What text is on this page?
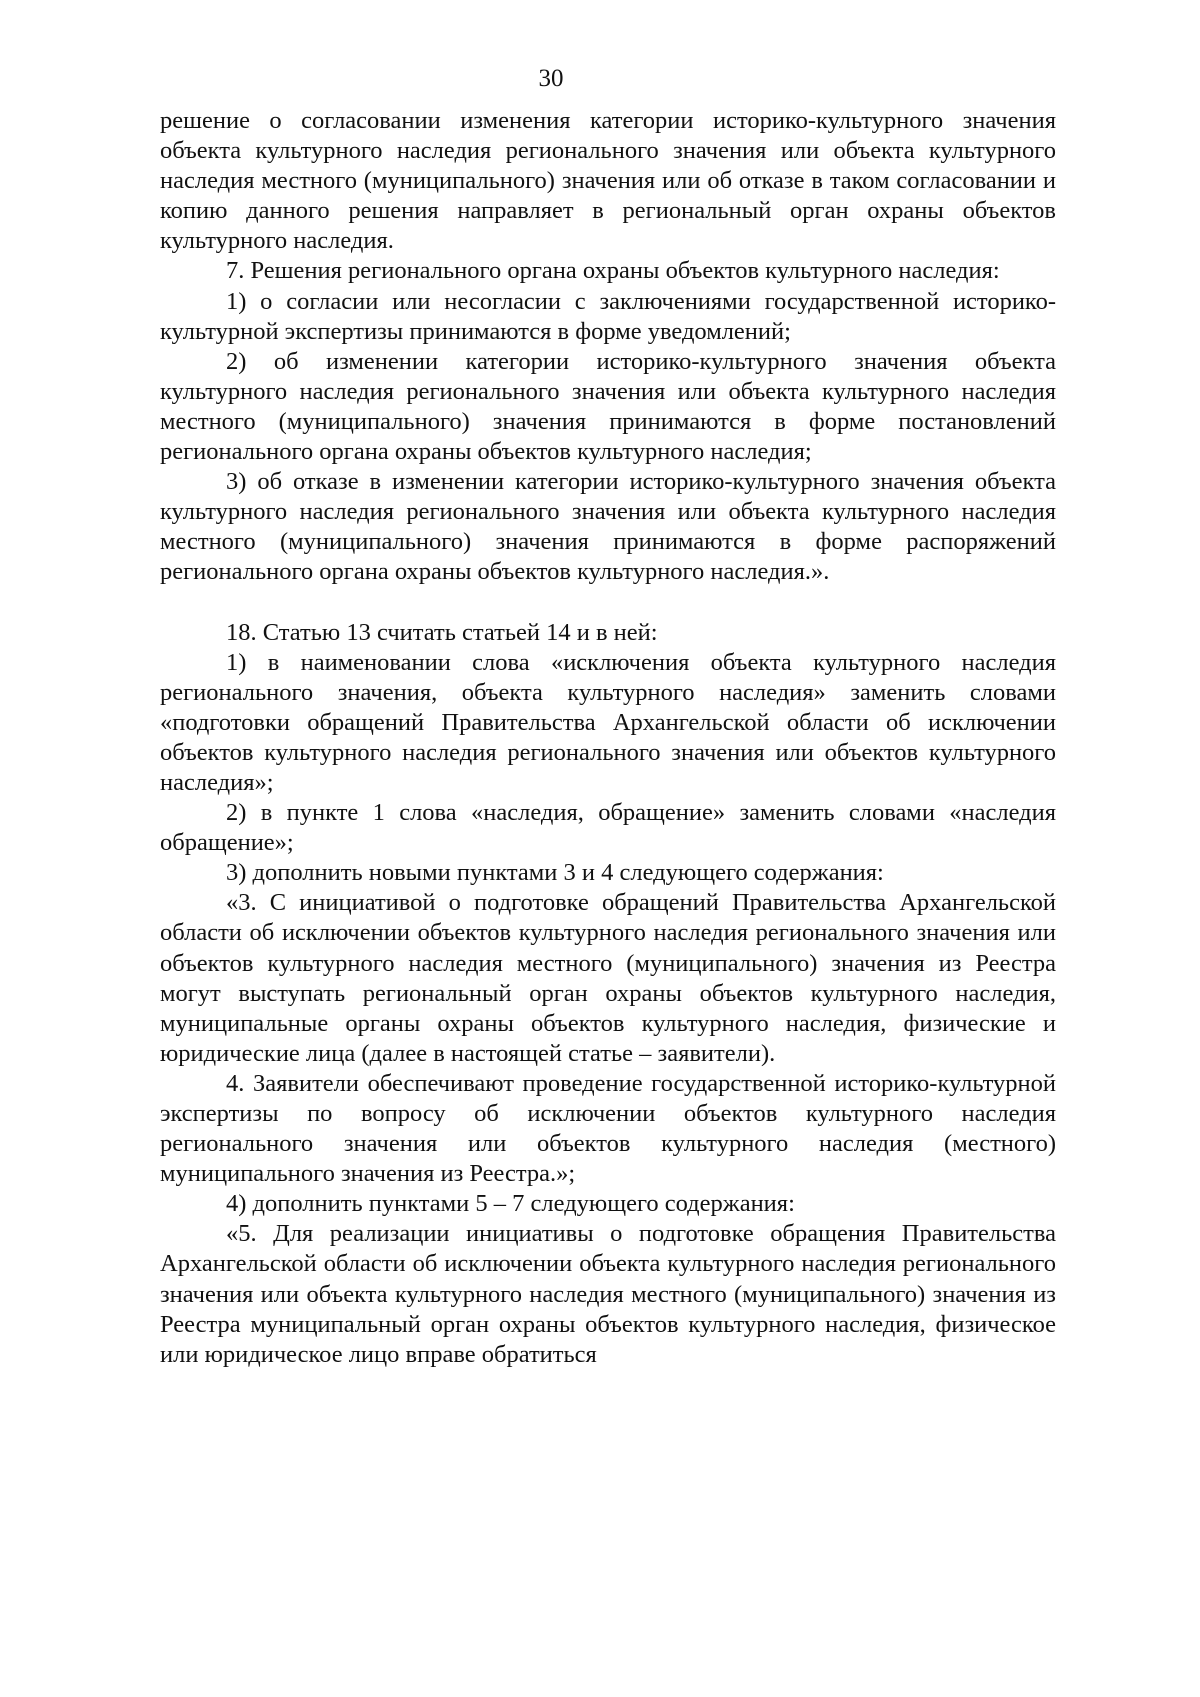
30

решение о согласовании изменения категории историко-культурного значения объекта культурного наследия регионального значения или объекта культурного наследия местного (муниципального) значения или об отказе в таком согласовании и копию данного решения направляет в региональный орган охраны объектов культурного наследия.

7. Решения регионального органа охраны объектов культурного наследия:

1) о согласии или несогласии с заключениями государственной историко-культурной экспертизы принимаются в форме уведомлений;

2) об изменении категории историко-культурного значения объекта культурного наследия регионального значения или объекта культурного наследия местного (муниципального) значения принимаются в форме постановлений регионального органа охраны объектов культурного наследия;

3) об отказе в изменении категории историко-культурного значения объекта культурного наследия регионального значения или объекта культурного наследия местного (муниципального) значения принимаются в форме распоряжений регионального органа охраны объектов культурного наследия.».

18. Статью 13 считать статьей 14 и в ней:

1) в наименовании слова «исключения объекта культурного наследия регионального значения, объекта культурного наследия» заменить словами «подготовки обращений Правительства Архангельской области об исключении объектов культурного наследия регионального значения или объектов культурного наследия»;

2) в пункте 1 слова «наследия, обращение» заменить словами «наследия обращение»;

3) дополнить новыми пунктами 3 и 4 следующего содержания:

«3. С инициативой о подготовке обращений Правительства Архангельской области об исключении объектов культурного наследия регионального значения или объектов культурного наследия местного (муниципального) значения из Реестра могут выступать региональный орган охраны объектов культурного наследия, муниципальные органы охраны объектов культурного наследия, физические и юридические лица (далее в настоящей статье – заявители).

4. Заявители обеспечивают проведение государственной историко-культурной экспертизы по вопросу об исключении объектов культурного наследия регионального значения или объектов культурного наследия (местного) муниципального значения из Реестра.»;

4) дополнить пунктами 5 – 7 следующего содержания:

«5. Для реализации инициативы о подготовке обращения Правительства Архангельской области об исключении объекта культурного наследия регионального значения или объекта культурного наследия местного (муниципального) значения из Реестра муниципальный орган охраны объектов культурного наследия, физическое или юридическое лицо вправе обратиться
